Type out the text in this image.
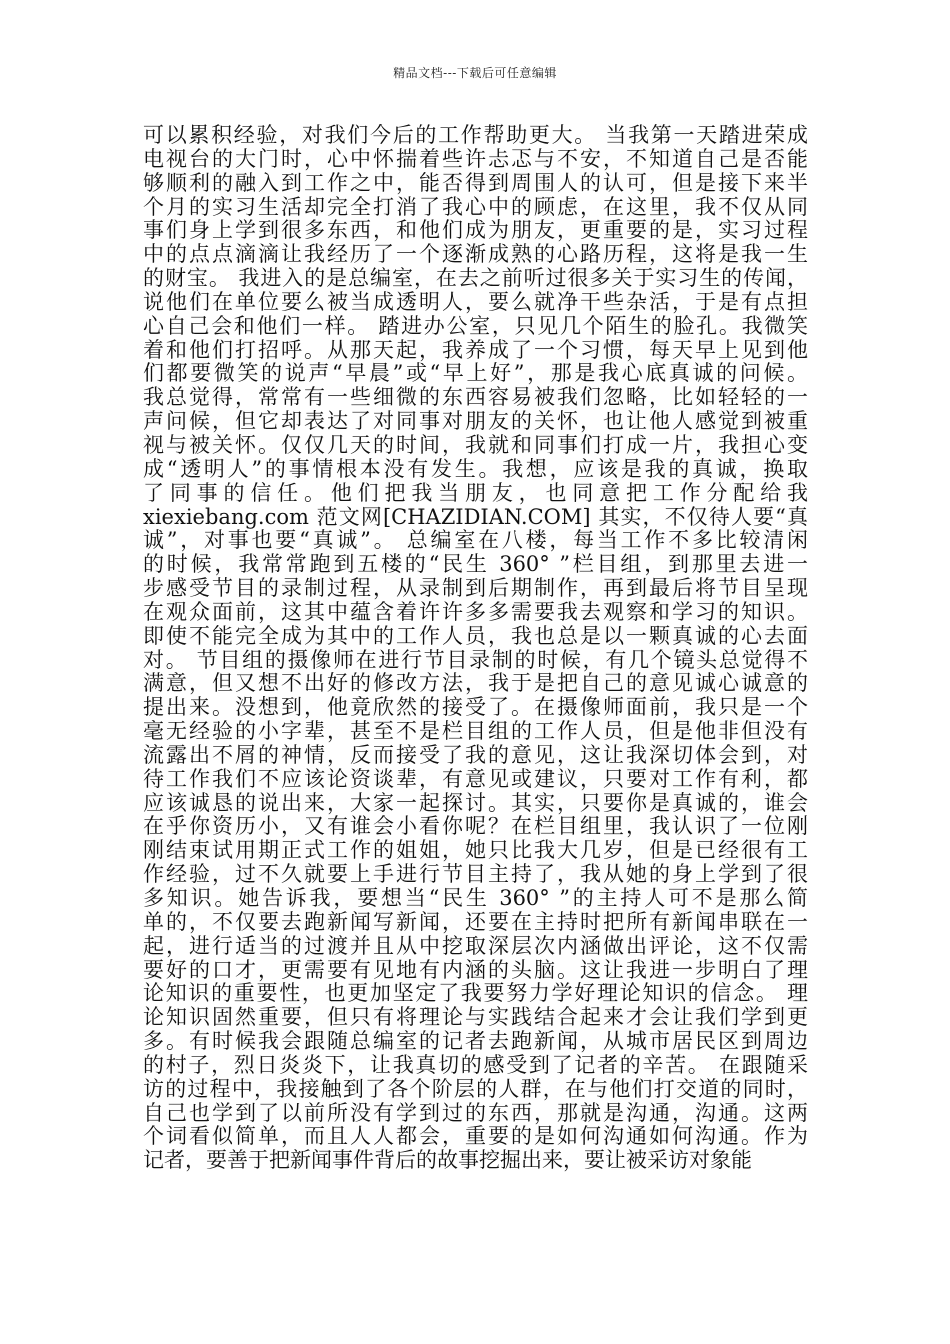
精品文档---下载后可任意编辑
可以累积经验，对我们今后的工作帮助更大。 当我第一天踏进荣成
电视台的大门时，心中怀揣着些许忐忑与不安，不知道自己是否能
够顺利的融入到工作之中，能否得到周围人的认可，但是接下来半
个月的实习生活却完全打消了我心中的顾虑，在这里，我不仅从同
事们身上学到很多东西，和他们成为朋友，更重要的是，实习过程
中的点点滴滴让我经历了一个逐渐成熟的心路历程，这将是我一生
的财宝。 我进入的是总编室，在去之前听过很多关于实习生的传闻，
说他们在单位要么被当成透明人，要么就净干些杂活，于是有点担
心自己会和他们一样。 踏进办公室，只见几个陌生的脸孔。我微笑
着和他们打招呼。从那天起，我养成了一个习惯，每天早上见到他
们都要微笑的说声“早晨”或“早上好”，那是我心底真诚的问候。
我总觉得，常常有一些细微的东西容易被我们忽略，比如轻轻的一
声问候，但它却表达了对同事对朋友的关怀，也让他人感觉到被重
视与被关怀。仅仅几天的时间，我就和同事们打成一片，我担心变
成“透明人”的事情根本没有发生。我想，应该是我的真诚，换取
了同事的信任。他们把我当朋友，也同意把工作分配给我
xiexiebang.com 范文网[CHAZIDIAN.COM] 其实，不仅待人要“真
诚”，对事也要“真诚”。 总编室在八楼，每当工作不多比较清闲
的时候，我常常跑到五楼的“民生 360° ”栏目组，到那里去进一
步感受节目的录制过程，从录制到后期制作，再到最后将节目呈现
在观众面前，这其中蕴含着许许多多需要我去观察和学习的知识。
即使不能完全成为其中的工作人员，我也总是以一颗真诚的心去面
对。 节目组的摄像师在进行节目录制的时候，有几个镜头总觉得不
满意，但又想不出好的修改方法，我于是把自己的意见诚心诚意的
提出来。没想到，他竟欣然的接受了。在摄像师面前，我只是一个
毫无经验的小字辈，甚至不是栏目组的工作人员，但是他非但没有
流露出不屑的神情，反而接受了我的意见，这让我深切体会到，对
待工作我们不应该论资谈辈，有意见或建议，只要对工作有利，都
应该诚恳的说出来，大家一起探讨。其实，只要你是真诚的，谁会
在乎你资历小，又有谁会小看你呢？在栏目组里，我认识了一位刚
刚结束试用期正式工作的姐姐，她只比我大几岁，但是已经很有工
作经验，过不久就要上手进行节目主持了，我从她的身上学到了很
多知识。她告诉我，要想当“民生 360° ”的主持人可不是那么简
单的，不仅要去跑新闻写新闻，还要在主持时把所有新闻串联在一
起，进行适当的过渡并且从中挖取深层次内涵做出评论，这不仅需
要好的口才，更需要有见地有内涵的头脑。这让我进一步明白了理
论知识的重要性，也更加坚定了我要努力学好理论知识的信念。 理
论知识固然重要，但只有将理论与实践结合起来才会让我们学到更
多。有时候我会跟随总编室的记者去跑新闻，从城市居民区到周边
的村子，烈日炎炎下，让我真切的感受到了记者的辛苦。 在跟随采
访的过程中，我接触到了各个阶层的人群，在与他们打交道的同时，
自己也学到了以前所没有学到过的东西，那就是沟通，沟通。这两
个词看似简单，而且人人都会，重要的是如何沟通如何沟通。作为
记者，要善于把新闻事件背后的故事挖掘出来，要让被采访对象能
